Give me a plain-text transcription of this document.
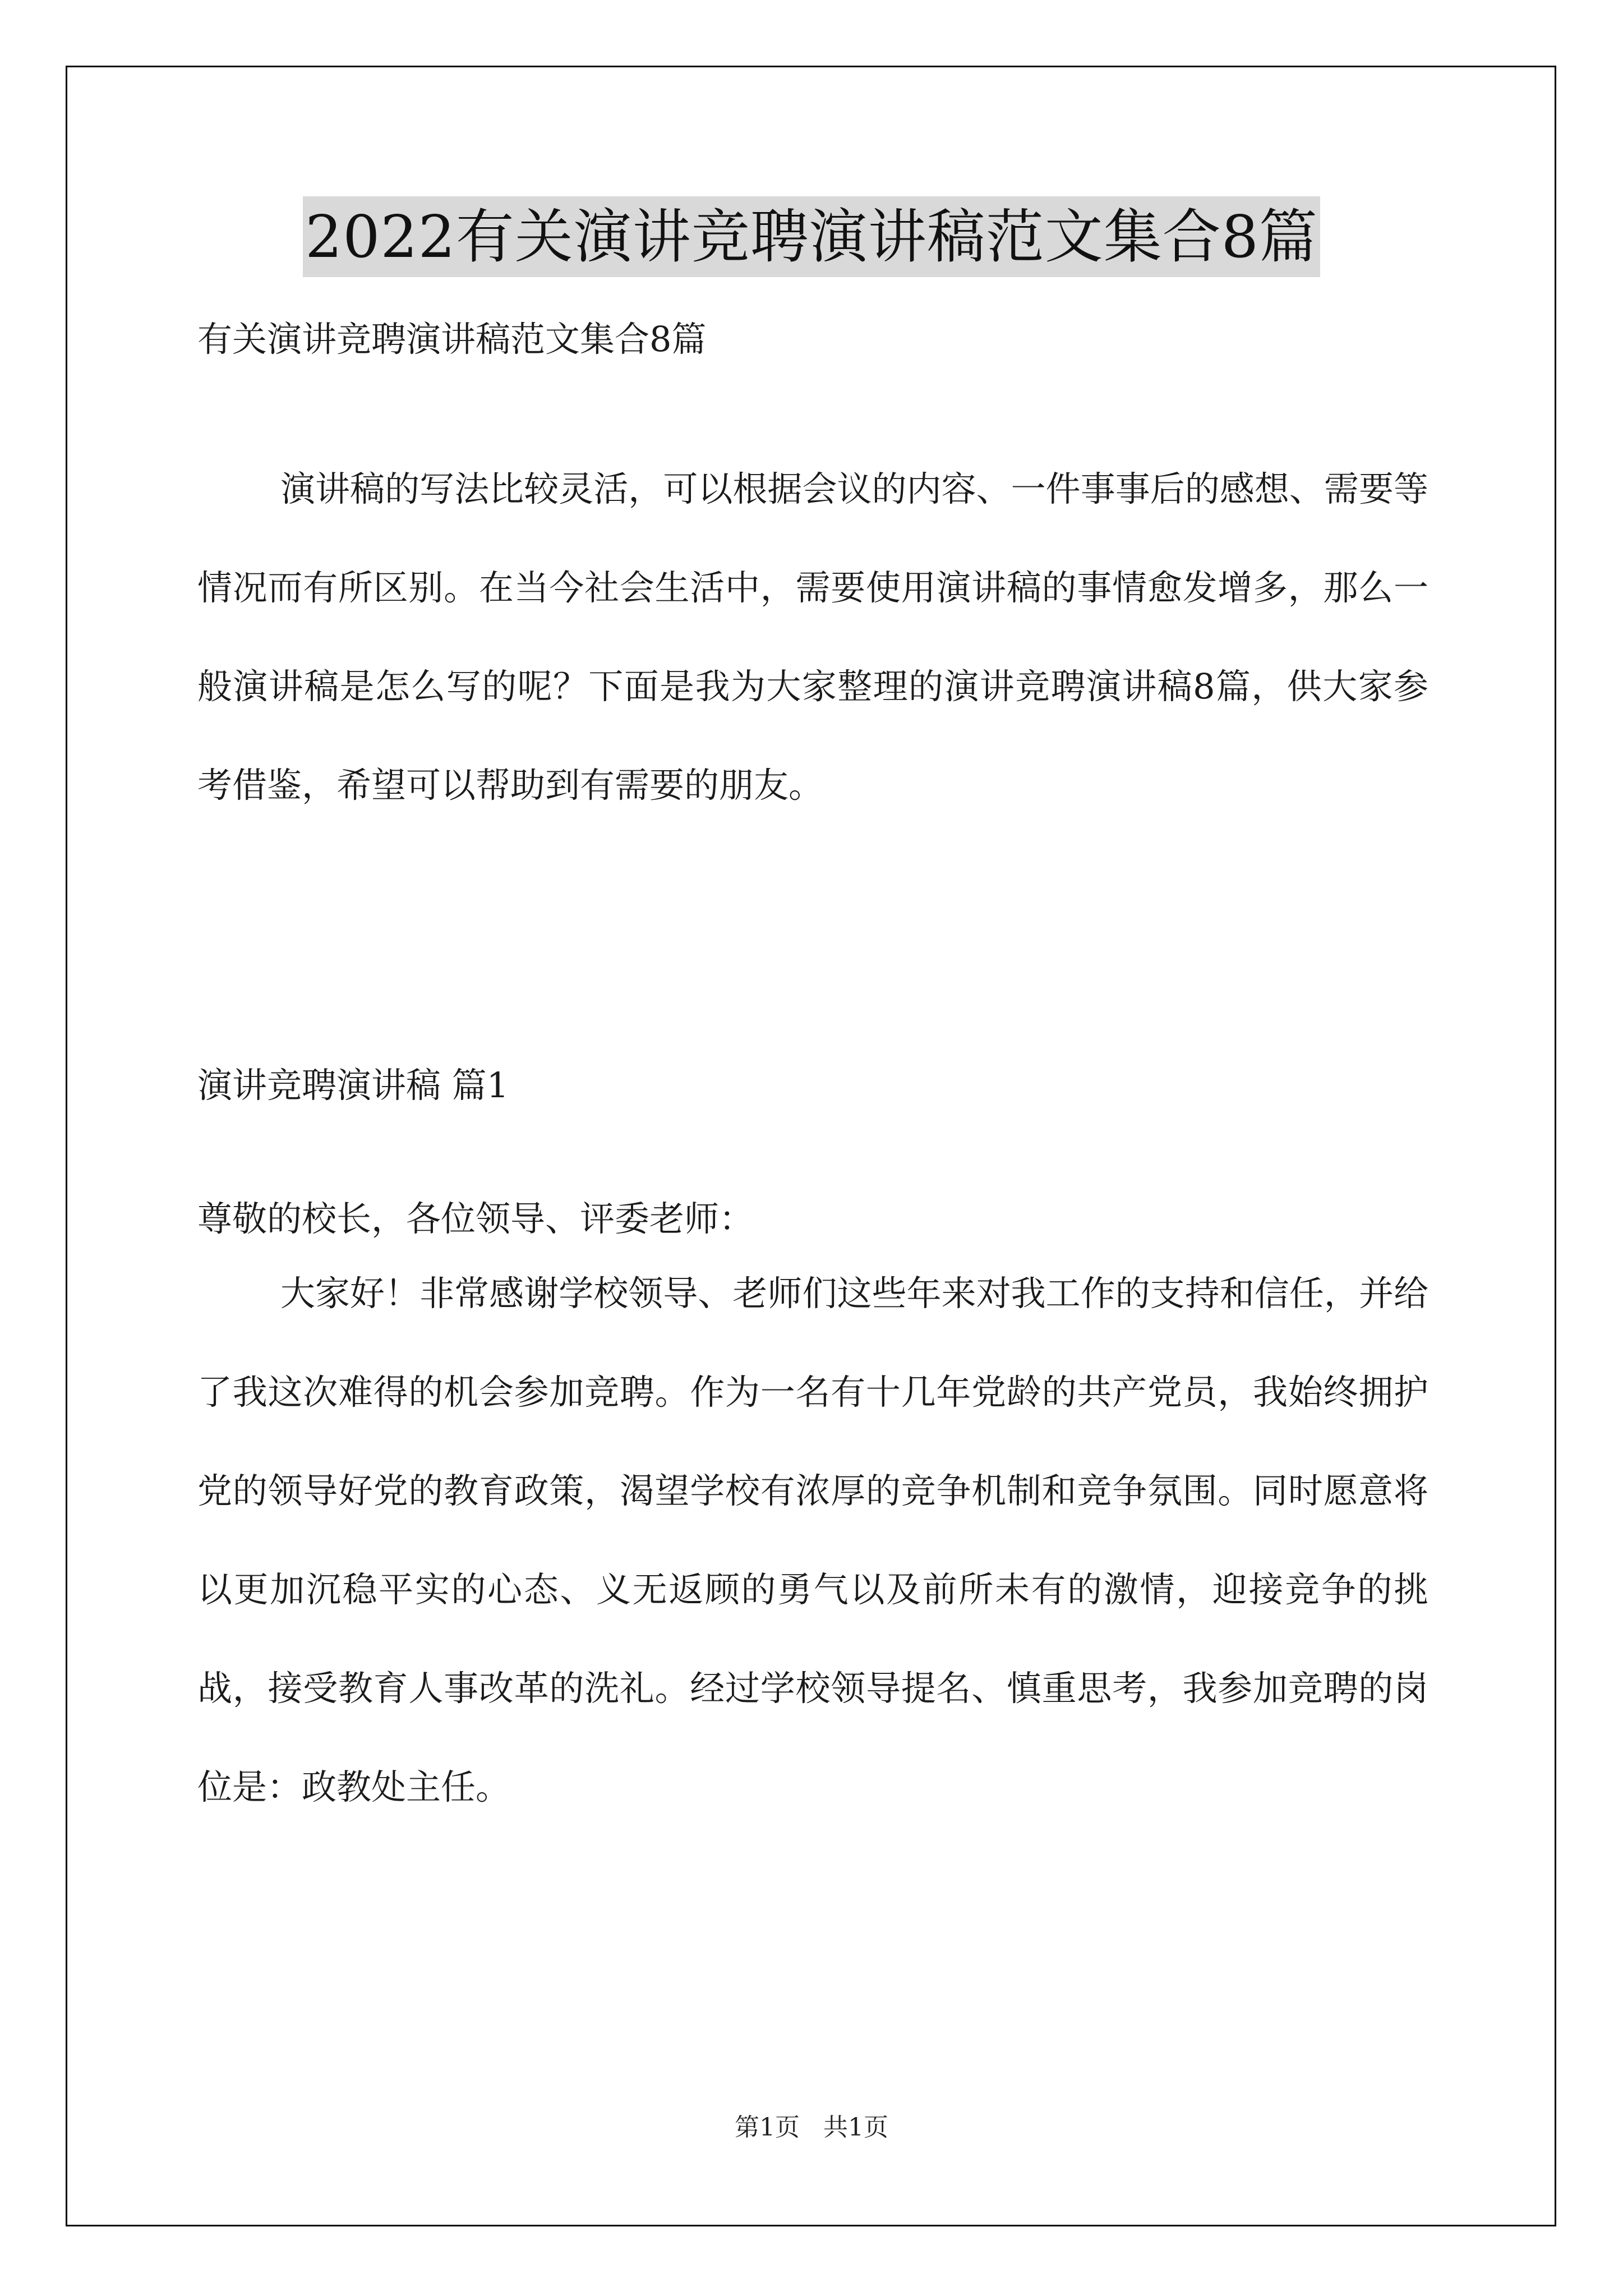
2022有关演讲竞聘演讲稿范文集合8篇
有关演讲竞聘演讲稿范文集合8篇

演讲稿的写法比较灵活，可以根据会议的内容、一件事事后的感想、需要等情况而有所区别。在当今社会生活中，需要使用演讲稿的事情愈发增多，那么一般演讲稿是怎么写的呢？下面是我为大家整理的演讲竞聘演讲稿8篇，供大家参考借鉴，希望可以帮助到有需要的朋友。

演讲竞聘演讲稿 篇1
尊敬的校长，各位领导、评委老师：

大家好！非常感谢学校领导、老师们这些年来对我工作的支持和信任，并给了我这次难得的机会参加竞聘。作为一名有十几年党龄的共产党员，我始终拥护党的领导好党的教育政策，渴望学校有浓厚的竞争机制和竞争氛围。同时愿意将以更加沉稳平实的心态、义无返顾的勇气以及前所未有的激情，迎接竞争的挑战，接受教育人事改革的洗礼。经过学校领导提名、慎重思考，我参加竞聘的岗位是：政教处主任。

第1页   共1页
